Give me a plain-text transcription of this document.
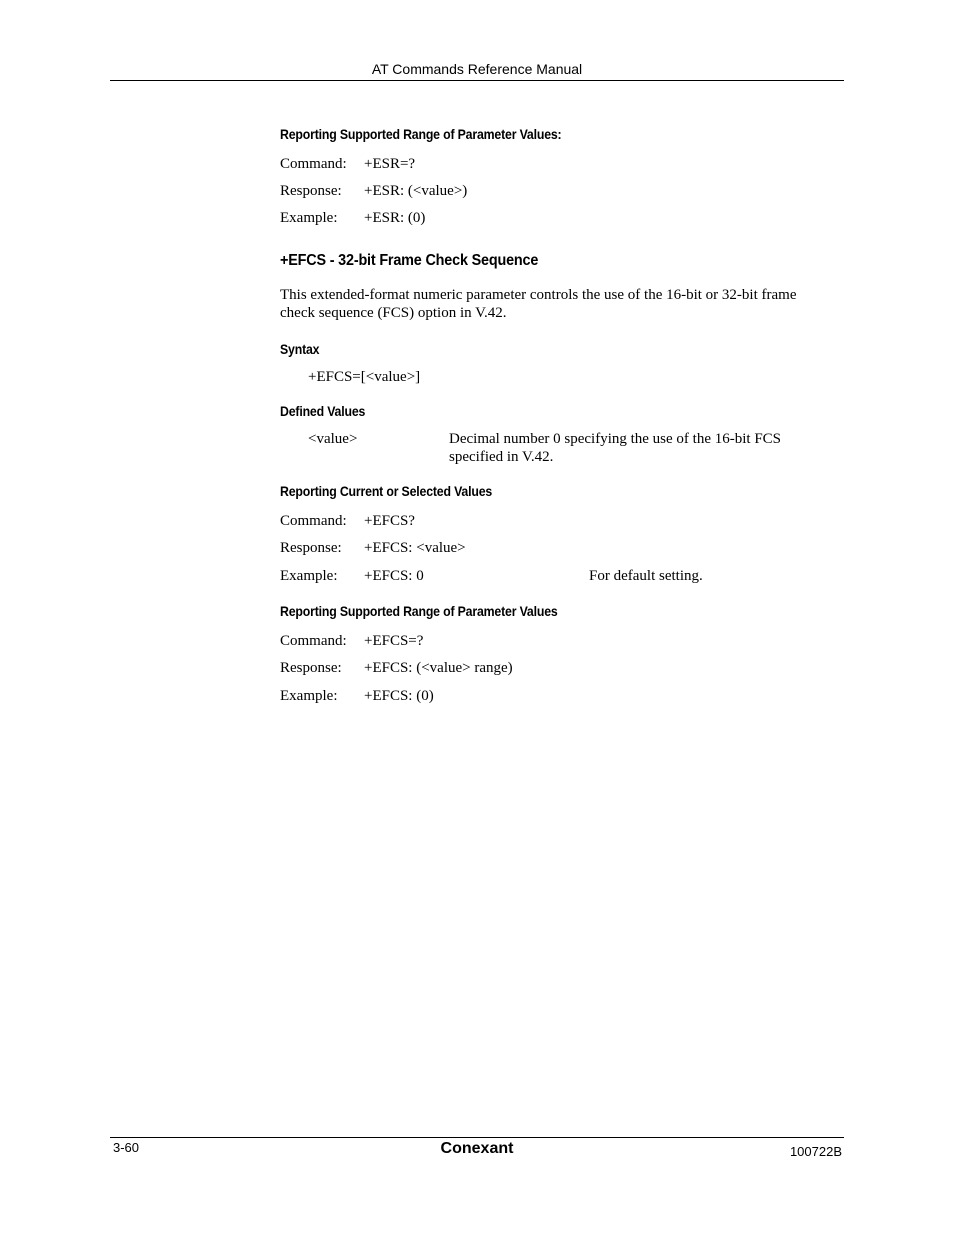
AT Commands Reference Manual
Reporting Supported Range of Parameter Values:
Command: +ESR=?
Response: +ESR: (<value>)
Example: +ESR: (0)
+EFCS - 32-bit Frame Check Sequence
This extended-format numeric parameter controls the use of the 16-bit or 32-bit frame check sequence (FCS) option in V.42.
Syntax
+EFCS=[<value>]
Defined Values
<value>	Decimal number 0 specifying the use of the 16-bit FCS specified in V.42.
Reporting Current or Selected Values
Command: +EFCS?
Response: +EFCS: <value>
Example: +EFCS: 0	For default setting.
Reporting Supported Range of Parameter Values
Command: +EFCS=?
Response: +EFCS: (<value> range)
Example: +EFCS: (0)
3-60	Conexant	100722B
